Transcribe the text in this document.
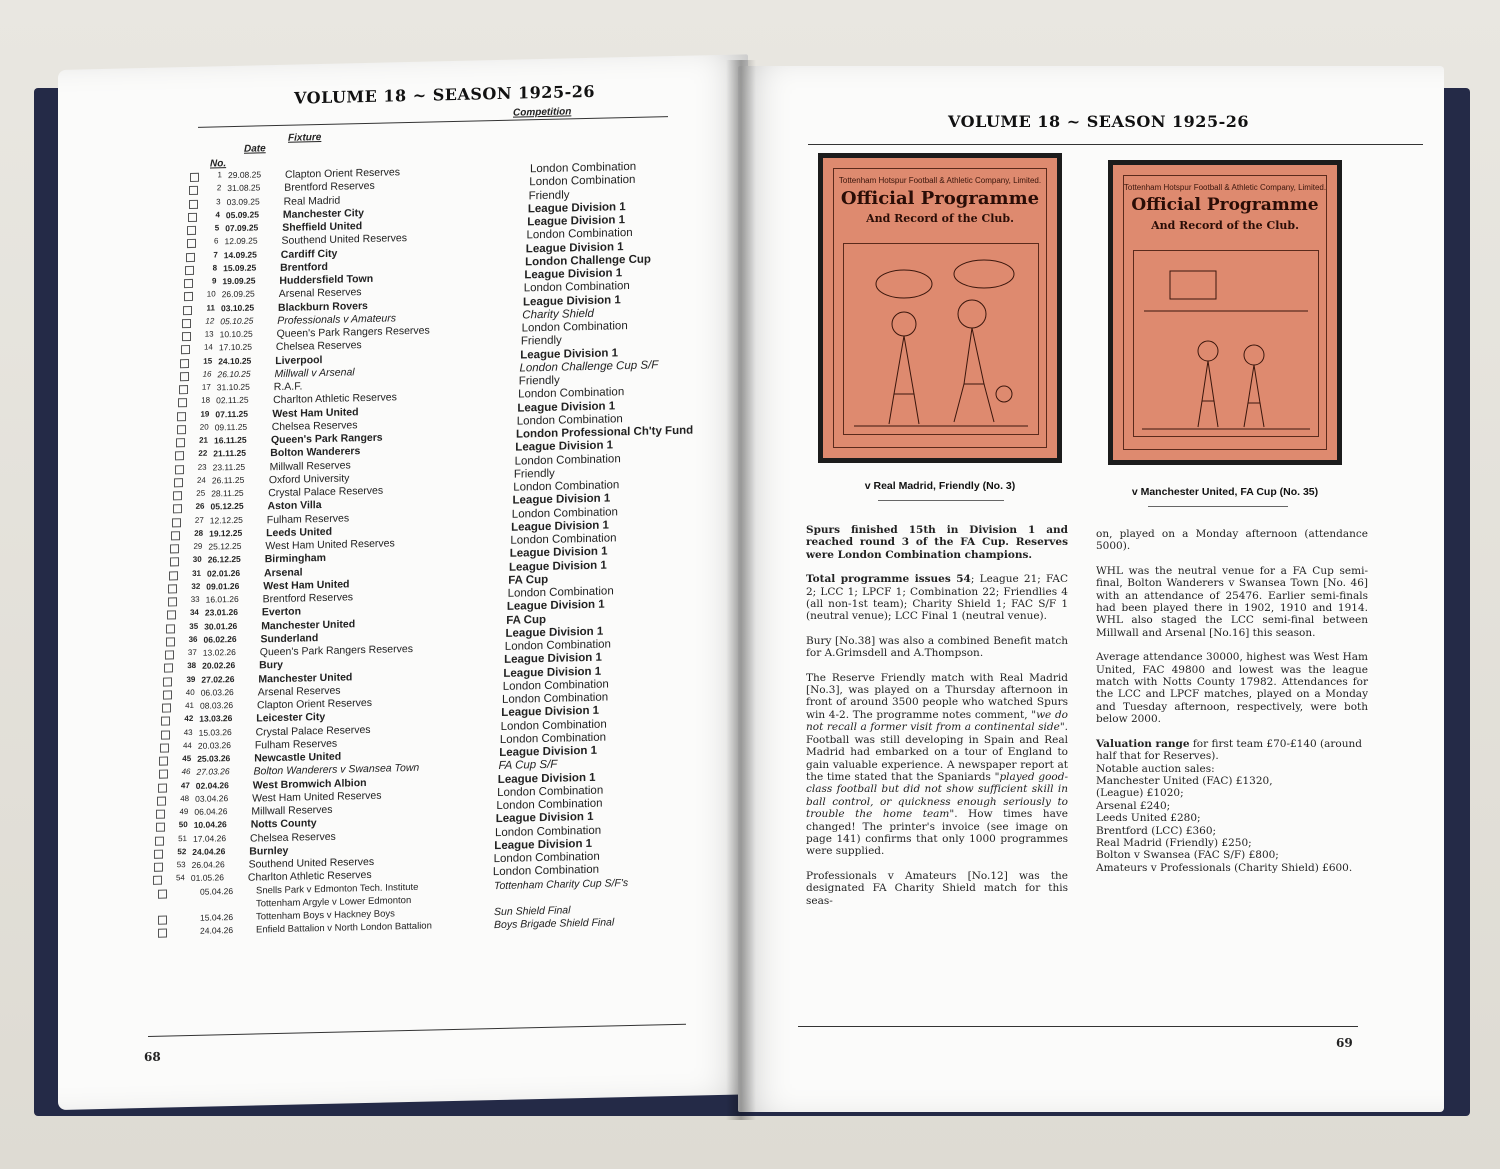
VOLUME 18 ~ SEASON 1925-26
No.
Date
Fixture
Competition
1 29.08.25 Clapton Orient Reserves	London Combination
2 31.08.25 Brentford Reserves	London Combination
3 03.09.25 Real Madrid	Friendly
4 05.09.25 Manchester City	League Division 1
5 07.09.25 Sheffield United	League Division 1
6 12.09.25 Southend United Reserves	London Combination
7 14.09.25 Cardiff City	League Division 1
8 15.09.25 Brentford	London Challenge Cup
9 19.09.25 Huddersfield Town	League Division 1
10 26.09.25 Arsenal Reserves	London Combination
11 03.10.25 Blackburn Rovers	League Division 1
12 05.10.25 Professionals v Amateurs	Charity Shield
13 10.10.25 Queen's Park Rangers Reserves	London Combination
14 17.10.25 Chelsea Reserves	Friendly
15 24.10.25 Liverpool	League Division 1
16 26.10.25 Millwall v Arsenal	London Challenge Cup S/F
17 31.10.25 R.A.F.	Friendly
18 02.11.25 Charlton Athletic Reserves	London Combination
19 07.11.25 West Ham United	League Division 1
20 09.11.25 Chelsea Reserves	London Combination
21 16.11.25 Queen's Park Rangers	London Professional Ch'ty Fund
22 21.11.25 Bolton Wanderers	League Division 1
23 23.11.25 Millwall Reserves	London Combination
24 26.11.25 Oxford University	Friendly
25 28.11.25 Crystal Palace Reserves	London Combination
26 05.12.25 Aston Villa	League Division 1
27 12.12.25 Fulham Reserves	London Combination
28 19.12.25 Leeds United	League Division 1
29 25.12.25 West Ham United Reserves	London Combination
30 26.12.25 Birmingham	League Division 1
31 02.01.26 Arsenal	League Division 1
32 09.01.26 West Ham United	FA Cup
33 16.01.26 Brentford Reserves	London Combination
34 23.01.26 Everton	League Division 1
35 30.01.26 Manchester United	FA Cup
36 06.02.26 Sunderland	League Division 1
37 13.02.26 Queen's Park Rangers Reserves	London Combination
38 20.02.26 Bury	League Division 1
39 27.02.26 Manchester United	League Division 1
40 06.03.26 Arsenal Reserves	London Combination
41 08.03.26 Clapton Orient Reserves	London Combination
42 13.03.26 Leicester City	League Division 1
43 15.03.26 Crystal Palace Reserves	London Combination
44 20.03.26 Fulham Reserves	London Combination
45 25.03.26 Newcastle United	League Division 1
46 27.03.26 Bolton Wanderers v Swansea Town	FA Cup S/F
47 02.04.26 West Bromwich Albion	League Division 1
48 03.04.26 West Ham United Reserves	London Combination
49 06.04.26 Millwall Reserves	London Combination
50 10.04.26 Notts County	League Division 1
51 17.04.26 Chelsea Reserves	London Combination
52 24.04.26 Burnley	League Division 1
53 26.04.26 Southend United Reserves	London Combination
54 01.05.26 Charlton Athletic Reserves	London Combination
05.04.26 Snells Park v Edmonton Tech. Institute	Tottenham Charity Cup S/F's
Tottenham Argyle v Lower Edmonton
15.04.26 Tottenham Boys v Hackney Boys	Sun Shield Final
24.04.26 Enfield Battalion v North London Battalion	Boys Brigade Shield Final
68
VOLUME 18 ~ SEASON 1925-26
Tottenham Hotspur Football & Athletic Company, Limited.
Official Programme
And Record of the Club.
v Real Madrid, Friendly (No. 3)
Tottenham Hotspur Football & Athletic Company, Limited.
Official Programme
And Record of the Club.
v Manchester United, FA Cup (No. 35)

Spurs finished 15th in Division 1 and reached round 3 of the FA Cup. Reserves were London Combination champions.

Total programme issues 54; League 21; FAC 2; LCC 1; LPCF 1; Combination 22; Friendlies 4 (all non-1st team); Charity Shield 1; FAC S/F 1 (neutral venue); LCC Final 1 (neutral venue).

Bury [No.38] was also a combined Benefit match for A.Grimsdell and A.Thompson.

The Reserve Friendly match with Real Madrid [No.3], was played on a Thursday afternoon in front of around 3500 people who watched Spurs win 4-2. The programme notes comment, "we do not recall a former visit from a continental side". Football was still developing in Spain and Real Madrid had embarked on a tour of England to gain valuable experience. A newspaper report at the time stated that the Spaniards "played good-class football but did not show sufficient skill in ball control, or quickness enough seriously to trouble the home team". How times have changed! The printer's invoice (see image on page 141) confirms that only 1000 programmes were supplied.

Professionals v Amateurs [No.12] was the designated FA Charity Shield match for this seas-

on, played on a Monday afternoon (attendance 5000).

WHL was the neutral venue for a FA Cup semi-final, Bolton Wanderers v Swansea Town [No. 46] with an attendance of 25476. Earlier semi-finals had been played there in 1902, 1910 and 1914. WHL also staged the LCC semi-final between Millwall and Arsenal [No.16] this season.

Average attendance 30000, highest was West Ham United, FAC 49800 and lowest was the league match with Notts County 17982. Attendances for the LCC and LPCF matches, played on a Monday and Tuesday afternoon, respectively, were both below 2000.

Valuation range for first team £70-£140 (around half that for Reserves).
Notable auction sales:
Manchester United (FAC) £1320,
(League) £1020;
Arsenal £240;
Leeds United £280;
Brentford (LCC) £360;
Real Madrid (Friendly) £250;
Bolton v Swansea (FAC S/F) £800;
Amateurs v Professionals (Charity Shield) £600.

69
